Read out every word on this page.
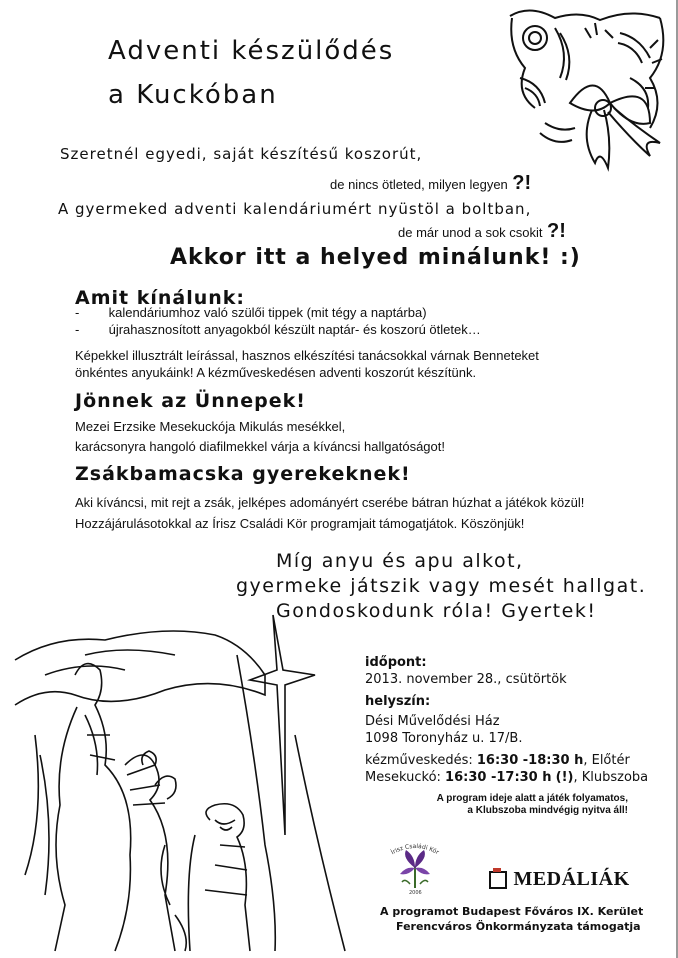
Adventi készülődés
a Kuckóban
Szeretnél egyedi, saját készítésű koszorút,
de nincs ötleted, milyen legyen ?!
A gyermeked adventi kalendáriumért nyüstöl a boltban,
de már unod a sok csokit ?!
Akkor itt a helyed minálunk! :)
Amit kínálunk:
- kalendáriumhoz való szülői tippek (mit tégy a naptárba)
- újrahasznosított anyagokból készült naptár- és koszorú ötletek…
Képekkel illusztrált leírással, hasznos elkészítési tanácsokkal várnak Benneteket
önkéntes anyukáink! A kézműveskedésen adventi koszorút készítünk.
Jönnek az Ünnepek!
Mezei Erzsike Mesekuckója Mikulás mesékkel,
karácsonyra hangoló diafilmekkel várja a kíváncsi hallgatóságot!
Zsákbamacska gyerekeknek!
Aki kíváncsi, mit rejt a zsák, jelképes adományért cserébe bátran húzhat a játékok közül!
Hozzájárulásotokkal az Írisz Családi Kör programjait támogatjátok. Köszönjük!
Míg anyu és apu alkot,
gyermeke játszik vagy mesét hallgat.
Gondoskodunk róla! Gyertek!
időpont:
2013. november 28., csütörtök
helyszín:
Dési Művelődési Ház
1098 Toronyház u. 17/B.
kézműveskedés: 16:30 -18:30 h, Előtér
Mesekuckó: 16:30 -17:30 h (!), Klubszoba
A program ideje alatt a játék folyamatos,
a Klubszoba mindvégig nyitva áll!
Írisz Családi Kör
2006
MEDÁLIÁK
A programot Budapest Főváros IX. Kerület
Ferencváros Önkormányzata támogatja
